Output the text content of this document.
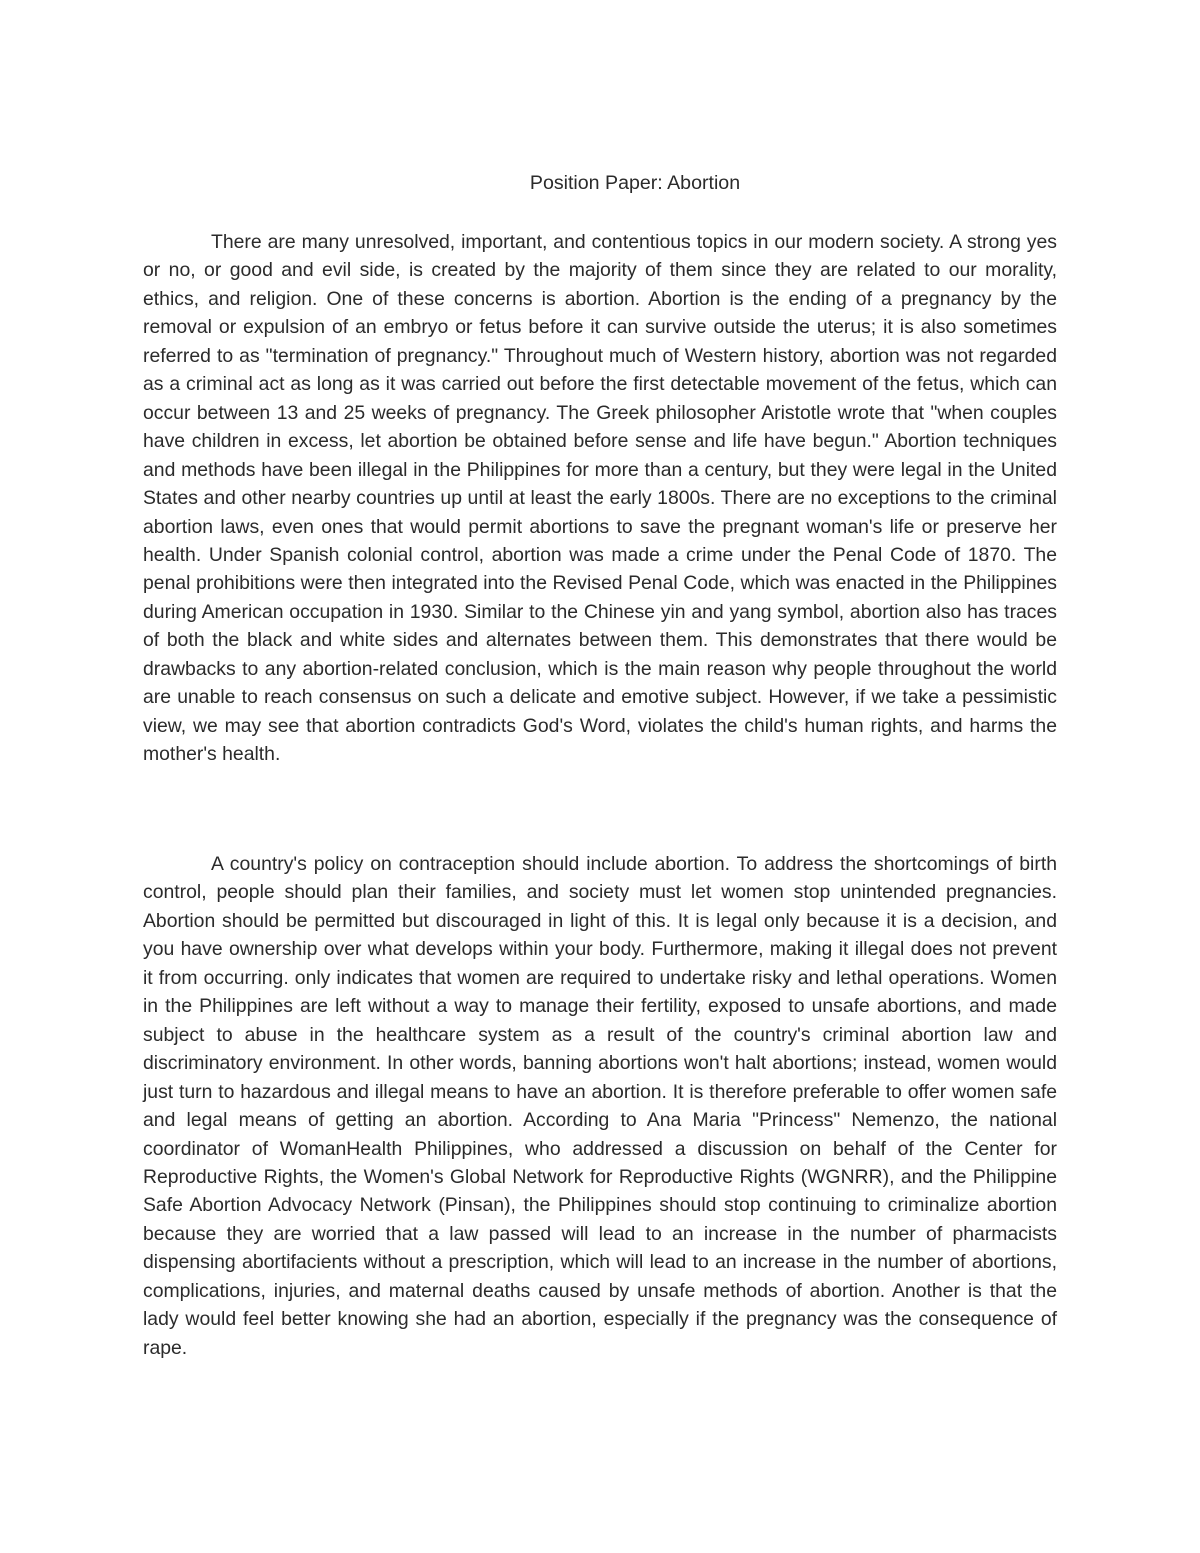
Position Paper: Abortion

There are many unresolved, important, and contentious topics in our modern society. A strong yes or no, or good and evil side, is created by the majority of them since they are related to our morality, ethics, and religion. One of these concerns is abortion. Abortion is the ending of a pregnancy by the removal or expulsion of an embryo or fetus before it can survive outside the uterus; it is also sometimes referred to as "termination of pregnancy." Throughout much of Western history, abortion was not regarded as a criminal act as long as it was carried out before the first detectable movement of the fetus, which can occur between 13 and 25 weeks of pregnancy. The Greek philosopher Aristotle wrote that "when couples have children in excess, let abortion be obtained before sense and life have begun." Abortion techniques and methods have been illegal in the Philippines for more than a century, but they were legal in the United States and other nearby countries up until at least the early 1800s. There are no exceptions to the criminal abortion laws, even ones that would permit abortions to save the pregnant woman's life or preserve her health. Under Spanish colonial control, abortion was made a crime under the Penal Code of 1870. The penal prohibitions were then integrated into the Revised Penal Code, which was enacted in the Philippines during American occupation in 1930. Similar to the Chinese yin and yang symbol, abortion also has traces of both the black and white sides and alternates between them. This demonstrates that there would be drawbacks to any abortion-related conclusion, which is the main reason why people throughout the world are unable to reach consensus on such a delicate and emotive subject. However, if we take a pessimistic view, we may see that abortion contradicts God's Word, violates the child's human rights, and harms the mother's health.

A country's policy on contraception should include abortion. To address the shortcomings of birth control, people should plan their families, and society must let women stop unintended pregnancies. Abortion should be permitted but discouraged in light of this. It is legal only because it is a decision, and you have ownership over what develops within your body. Furthermore, making it illegal does not prevent it from occurring. only indicates that women are required to undertake risky and lethal operations. Women in the Philippines are left without a way to manage their fertility, exposed to unsafe abortions, and made subject to abuse in the healthcare system as a result of the country's criminal abortion law and discriminatory environment. In other words, banning abortions won't halt abortions; instead, women would just turn to hazardous and illegal means to have an abortion. It is therefore preferable to offer women safe and legal means of getting an abortion. According to Ana Maria "Princess" Nemenzo, the national coordinator of WomanHealth Philippines, who addressed a discussion on behalf of the Center for Reproductive Rights, the Women's Global Network for Reproductive Rights (WGNRR), and the Philippine Safe Abortion Advocacy Network (Pinsan), the Philippines should stop continuing to criminalize abortion because they are worried that a law passed will lead to an increase in the number of pharmacists dispensing abortifacients without a prescription, which will lead to an increase in the number of abortions, complications, injuries, and maternal deaths caused by unsafe methods of abortion. Another is that the lady would feel better knowing she had an abortion, especially if the pregnancy was the consequence of rape.
